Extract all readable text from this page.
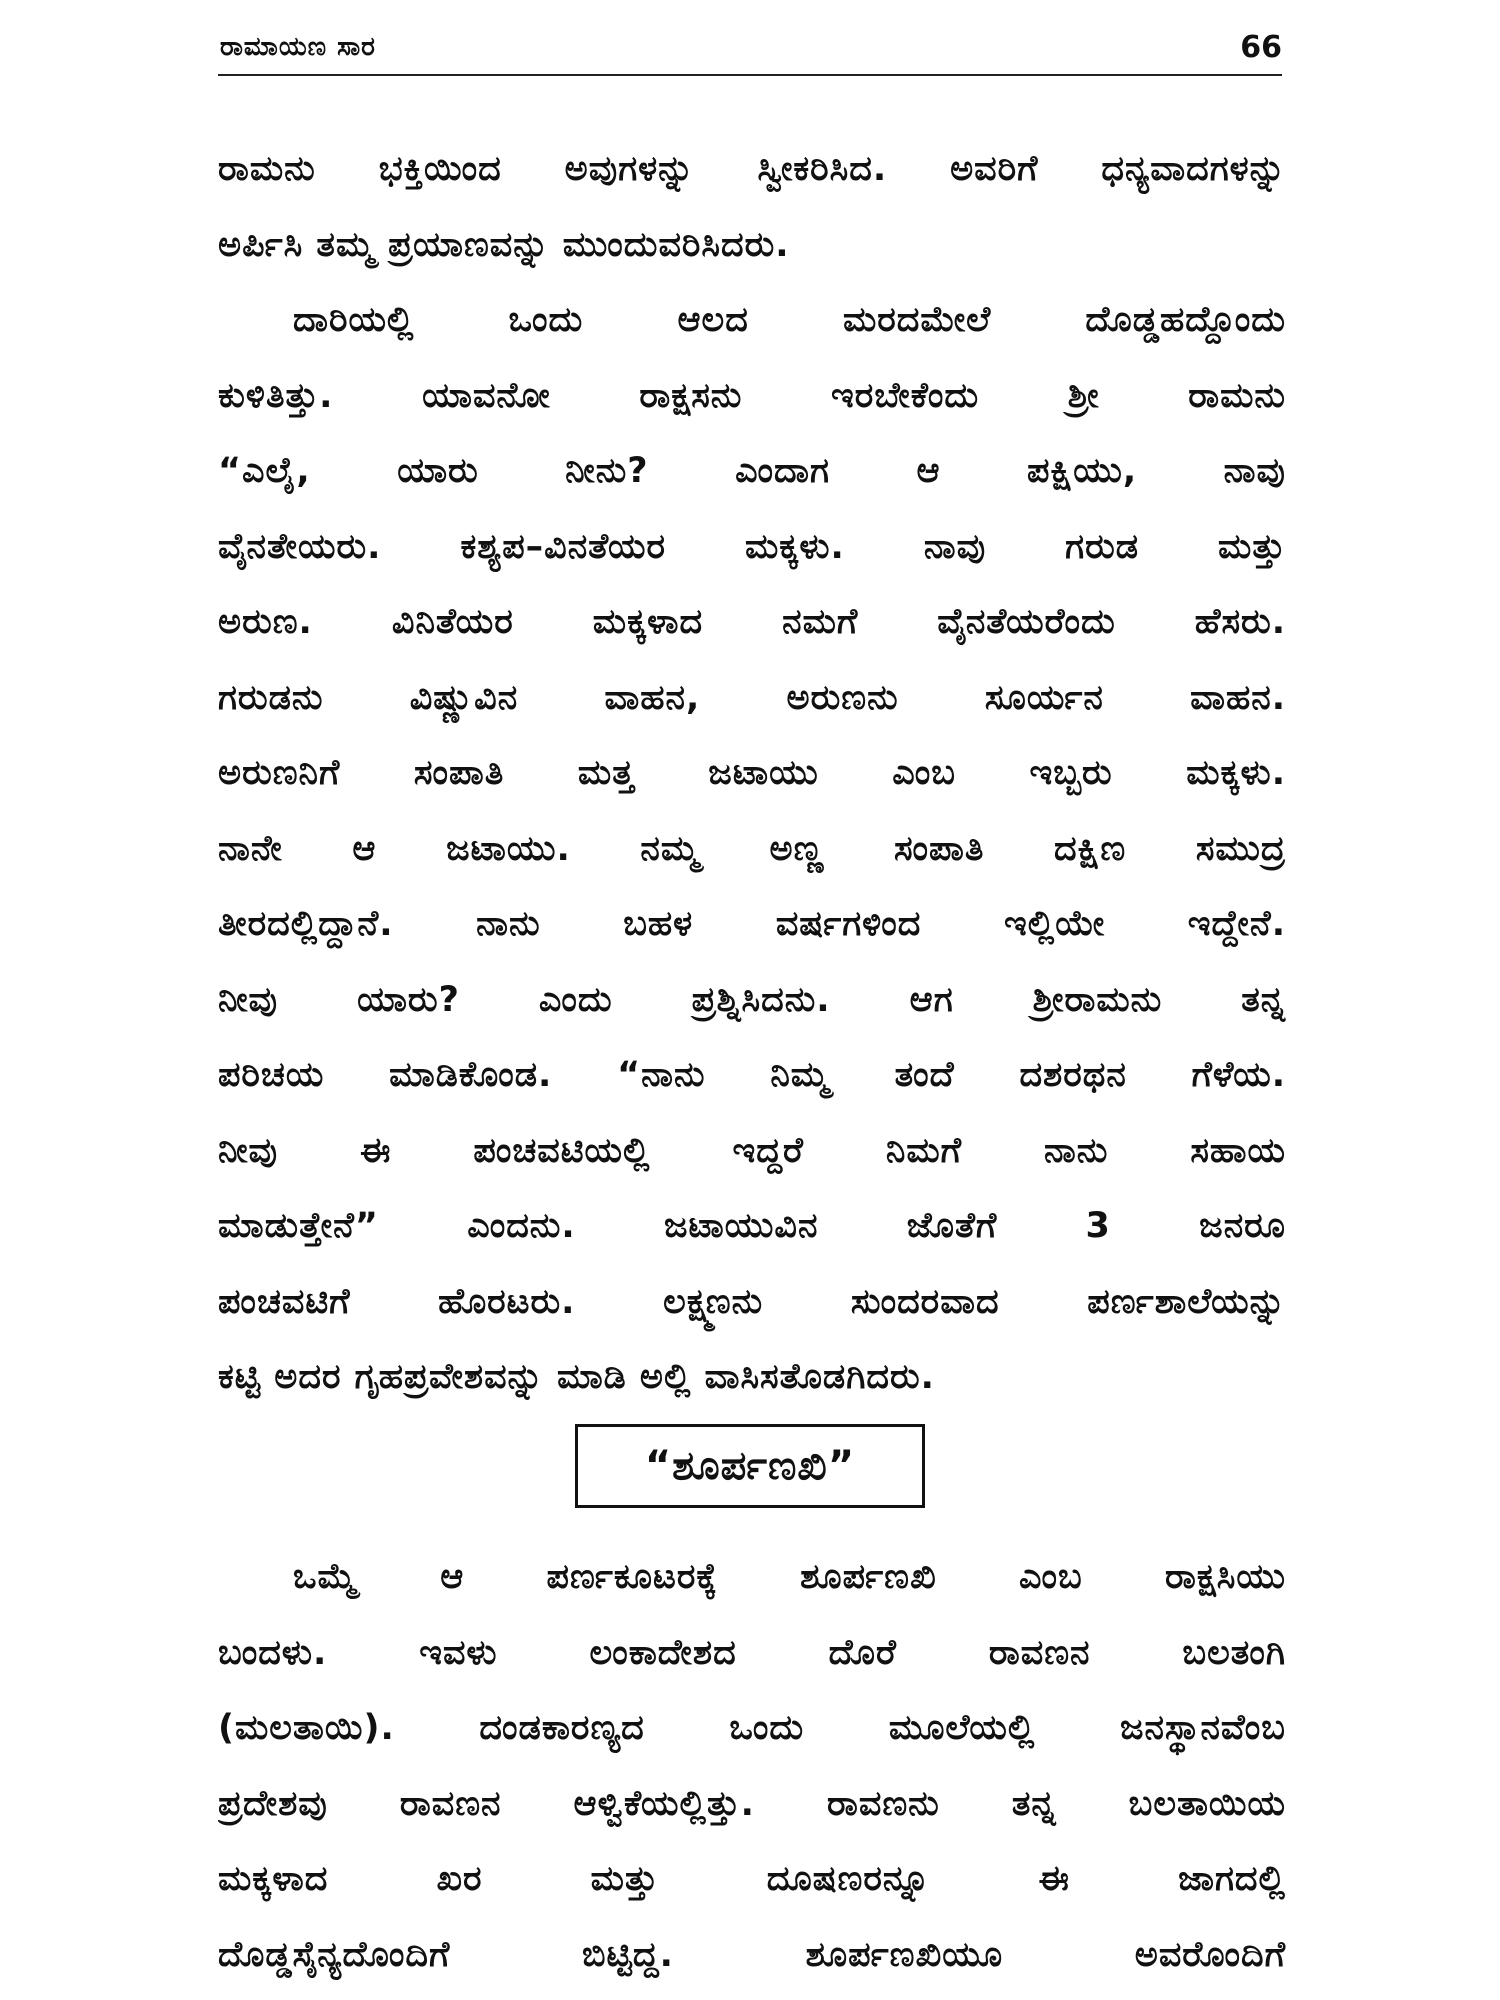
ರಾಮಾಯಣ ಸಾರ	66
ರಾಮನು ಭಕ್ತಿಯಿಂದ ಅವುಗಳನ್ನು ಸ್ವೀಕರಿಸಿದ. ಅವರಿಗೆ ಧನ್ಯವಾದಗಳನ್ನು
ಅರ್ಪಿಸಿ ತಮ್ಮ ಪ್ರಯಾಣವನ್ನು ಮುಂದುವರಿಸಿದರು.
ದಾರಿಯಲ್ಲಿ ಒಂದು ಆಲದ ಮರದಮೇಲೆ ದೊಡ್ಡಹದ್ದೊಂದು
ಕುಳಿತಿತ್ತು. ಯಾವನೋ ರಾಕ್ಷಸನು ಇರಬೇಕೆಂದು ಶ್ರೀ ರಾಮನು
“ಎಲೈ, ಯಾರು ನೀನು? ಎಂದಾಗ ಆ ಪಕ್ಷಿಯು, ನಾವು
ವೈನತೇಯರು. ಕಶ್ಯಪ–ವಿನತೆಯರ ಮಕ್ಕಳು. ನಾವು ಗರುಡ ಮತ್ತು
ಅರುಣ. ವಿನಿತೆಯರ ಮಕ್ಕಳಾದ ನಮಗೆ ವೈನತೆಯರೆಂದು ಹೆಸರು.
ಗರುಡನು ವಿಷ್ಣುವಿನ ವಾಹನ, ಅರುಣನು ಸೂರ್ಯನ ವಾಹನ.
ಅರುಣನಿಗೆ ಸಂಪಾತಿ ಮತ್ತ ಜಟಾಯು ಎಂಬ ಇಬ್ಬರು ಮಕ್ಕಳು.
ನಾನೇ ಆ ಜಟಾಯು. ನಮ್ಮ ಅಣ್ಣ ಸಂಪಾತಿ ದಕ್ಷಿಣ ಸಮುದ್ರ
ತೀರದಲ್ಲಿದ್ದಾನೆ. ನಾನು ಬಹಳ ವರ್ಷಗಳಿಂದ ಇಲ್ಲಿಯೇ ಇದ್ದೇನೆ.
ನೀವು ಯಾರು? ಎಂದು ಪ್ರಶ್ನಿಸಿದನು. ಆಗ ಶ್ರೀರಾಮನು ತನ್ನ
ಪರಿಚಯ ಮಾಡಿಕೊಂಡ. “ನಾನು ನಿಮ್ಮ ತಂದೆ ದಶರಥನ ಗೆಳೆಯ.
ನೀವು ಈ ಪಂಚವಟಿಯಲ್ಲಿ ಇದ್ದರೆ ನಿಮಗೆ ನಾನು ಸಹಾಯ
ಮಾಡುತ್ತೇನೆ” ಎಂದನು. ಜಟಾಯುವಿನ ಜೊತೆಗೆ 3 ಜನರೂ
ಪಂಚವಟಿಗೆ ಹೊರಟರು. ಲಕ್ಷ್ಮಣನು ಸುಂದರವಾದ ಪರ್ಣಶಾಲೆಯನ್ನು
ಕಟ್ಟಿ ಅದರ ಗೃಹಪ್ರವೇಶವನ್ನು ಮಾಡಿ ಅಲ್ಲಿ ವಾಸಿಸತೊಡಗಿದರು.
“ಶೂರ್ಪಣಖಿ”
ಒಮ್ಮೆ ಆ ಪರ್ಣಕೂಟರಕ್ಕೆ ಶೂರ್ಪಣಖಿ ಎಂಬ ರಾಕ್ಷಸಿಯು
ಬಂದಳು. ಇವಳು ಲಂಕಾದೇಶದ ದೊರೆ ರಾವಣನ ಬಲತಂಗಿ
(ಮಲತಾಯಿ). ದಂಡಕಾರಣ್ಯದ ಒಂದು ಮೂಲೆಯಲ್ಲಿ ಜನಸ್ಥಾನವೆಂಬ
ಪ್ರದೇಶವು ರಾವಣನ ಆಳ್ವಿಕೆಯಲ್ಲಿತ್ತು. ರಾವಣನು ತನ್ನ ಬಲತಾಯಿಯ
ಮಕ್ಕಳಾದ ಖರ ಮತ್ತು ದೂಷಣರನ್ನೂ ಈ ಜಾಗದಲ್ಲಿ
ದೊಡ್ಡಸೈನ್ಯದೊಂದಿಗೆ ಬಿಟ್ಟಿದ್ದ. ಶೂರ್ಪಣಖಿಯೂ ಅವರೊಂದಿಗೆ
